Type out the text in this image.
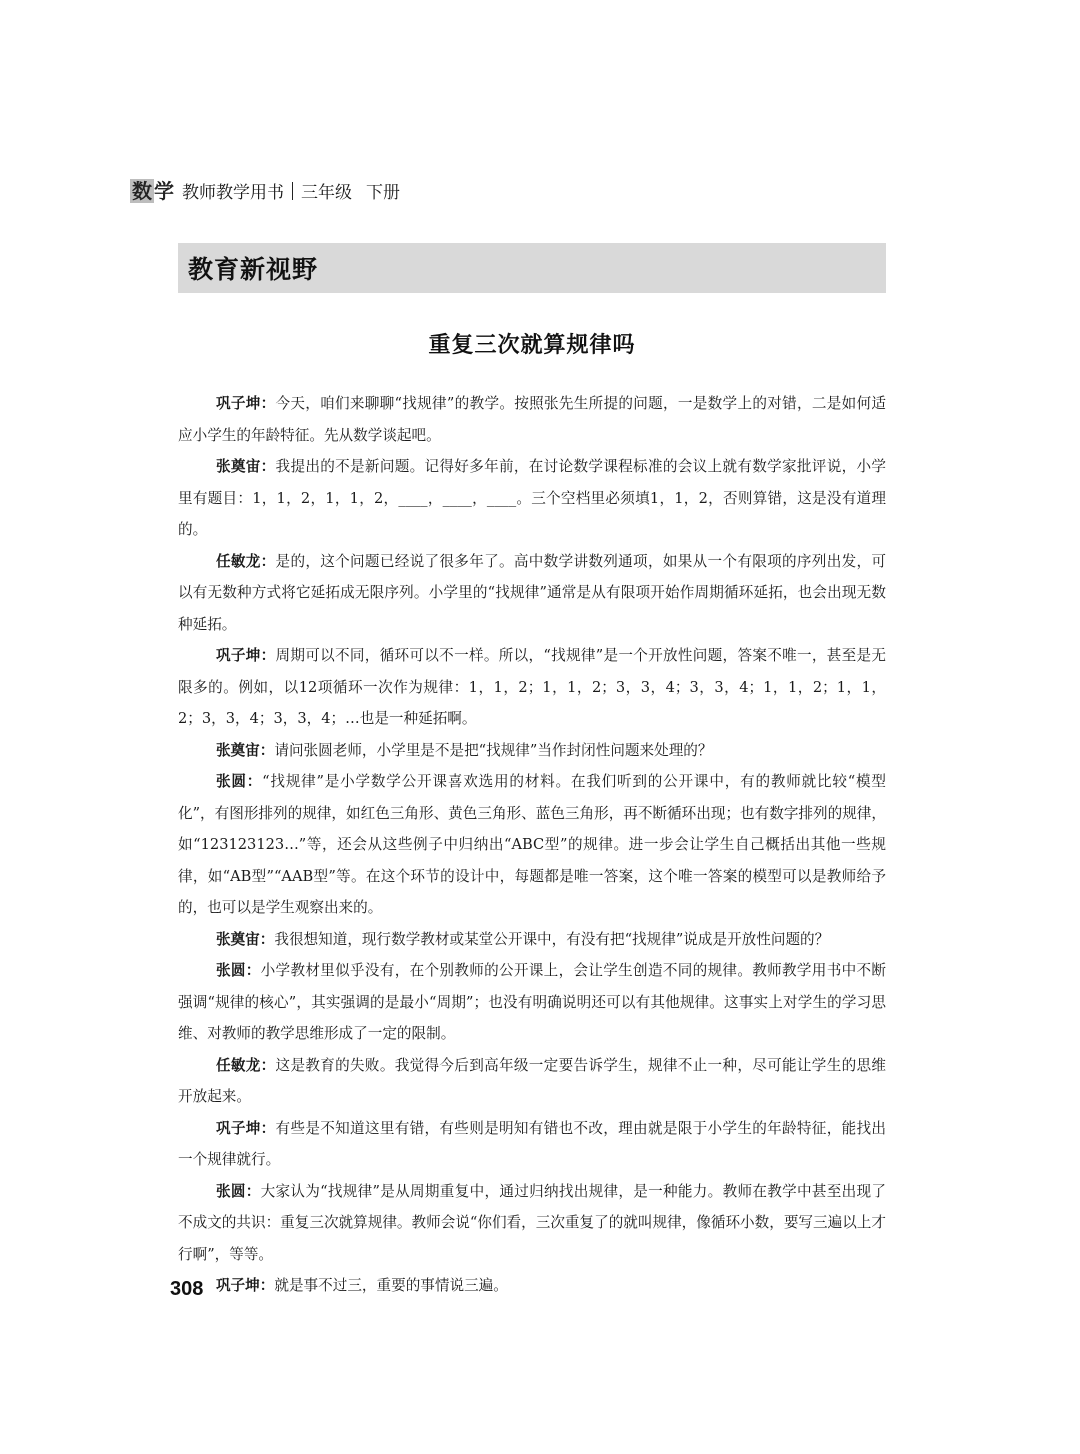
数 学 教师教学用书 三年级 下册
教育新视野
重复三次就算规律吗

巩子坤：今天，咱们来聊聊“找规律”的教学。按照张先生所提的问题，一是数学上的对错，二是如何适应小学生的年龄特征。先从数学谈起吧。

张奠宙：我提出的不是新问题。记得好多年前，在讨论数学课程标准的会议上就有数学家批评说，小学里有题目：1，1，2，1，1，2，____，____，____。三个空档里必须填1，1，2，否则算错，这是没有道理的。

任敏龙：是的，这个问题已经说了很多年了。高中数学讲数列通项，如果从一个有限项的序列出发，可以有无数种方式将它延拓成无限序列。小学里的“找规律”通常是从有限项开始作周期循环延拓，也会出现无数种延拓。

巩子坤：周期可以不同，循环可以不一样。所以，“找规律”是一个开放性问题，答案不唯一，甚至是无限多的。例如，以12项循环一次作为规律：1，1，2；1，1，2；3，3，4；3，3，4；1，1，2；1，1，2；3，3，4；3，3，4；…也是一种延拓啊。

张奠宙：请问张圆老师，小学里是不是把“找规律”当作封闭性问题来处理的？

张圆：“找规律”是小学数学公开课喜欢选用的材料。在我们听到的公开课中，有的教师就比较“模型化”，有图形排列的规律，如红色三角形、黄色三角形、蓝色三角形，再不断循环出现；也有数字排列的规律，如“123123123…”等，还会从这些例子中归纳出“ABC型”的规律。进一步会让学生自己概括出其他一些规律，如“AB型”“AAB型”等。在这个环节的设计中，每题都是唯一答案，这个唯一答案的模型可以是教师给予的，也可以是学生观察出来的。

张奠宙：我很想知道，现行数学教材或某堂公开课中，有没有把“找规律”说成是开放性问题的？

张圆：小学教材里似乎没有，在个别教师的公开课上，会让学生创造不同的规律。教师教学用书中不断强调“规律的核心”，其实强调的是最小“周期”；也没有明确说明还可以有其他规律。这事实上对学生的学习思维、对教师的教学思维形成了一定的限制。

任敏龙：这是教育的失败。我觉得今后到高年级一定要告诉学生，规律不止一种，尽可能让学生的思维开放起来。

巩子坤：有些是不知道这里有错，有些则是明知有错也不改，理由就是限于小学生的年龄特征，能找出一个规律就行。

张圆：大家认为“找规律”是从周期重复中，通过归纳找出规律，是一种能力。教师在教学中甚至出现了不成文的共识：重复三次就算规律。教师会说“你们看，三次重复了的就叫规律，像循环小数，要写三遍以上才行啊”，等等。

巩子坤：就是事不过三，重要的事情说三遍。

308
